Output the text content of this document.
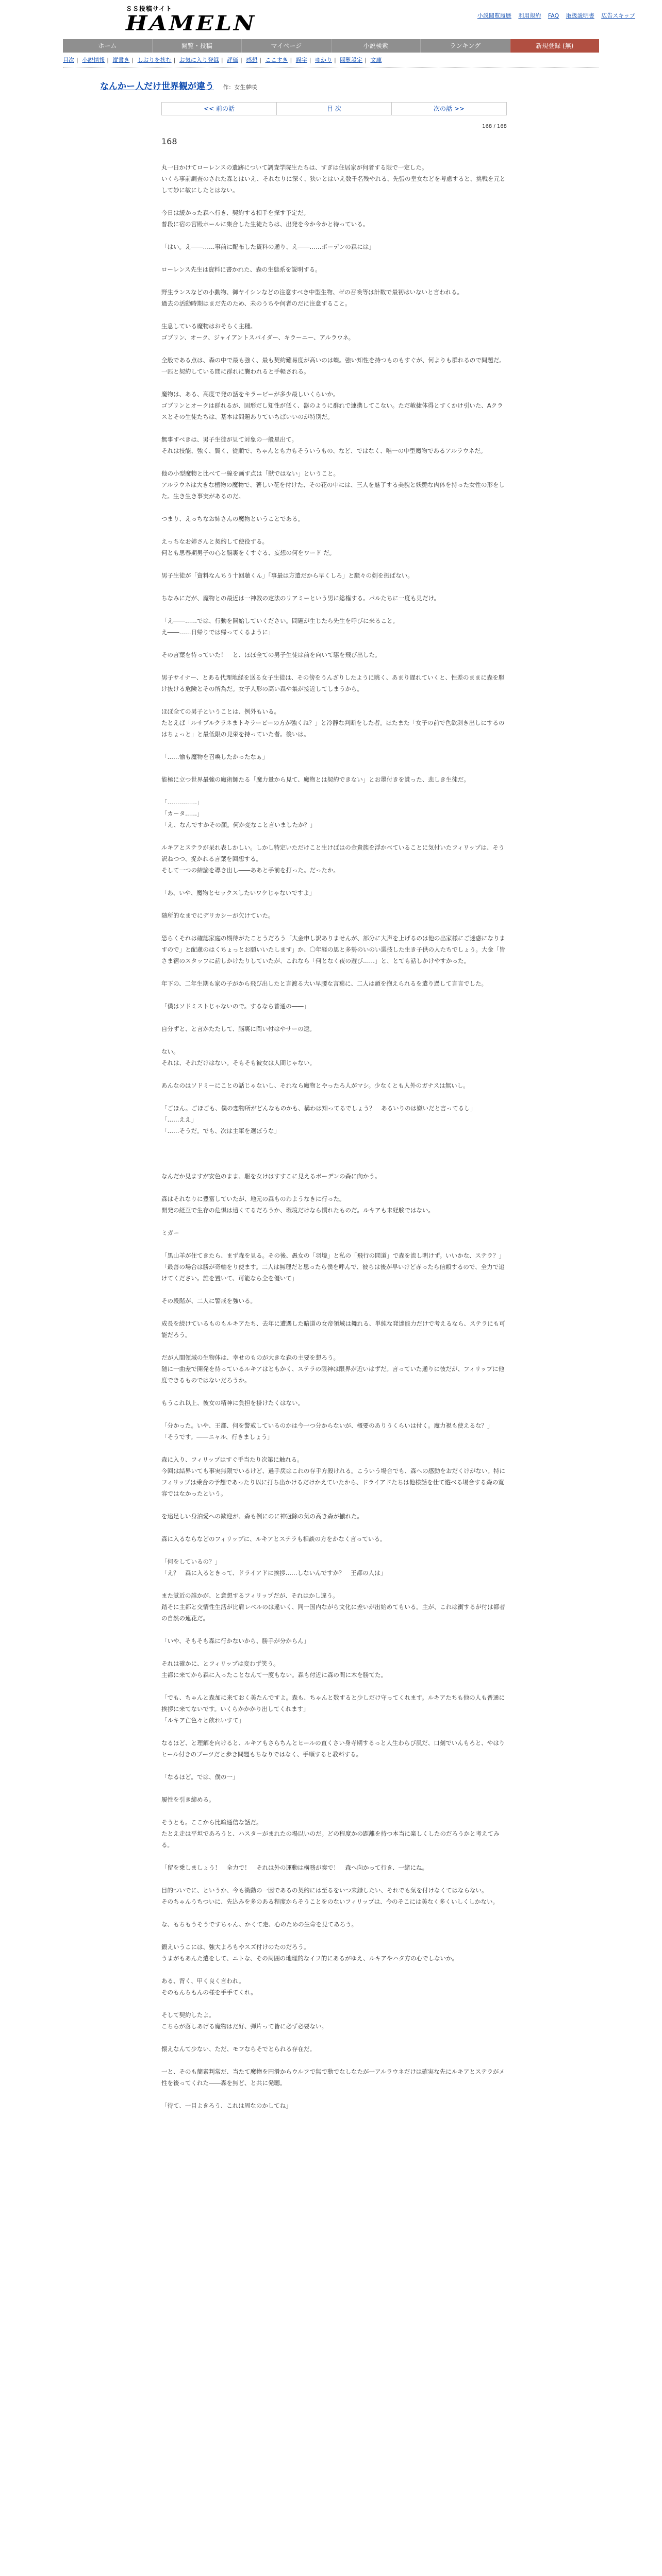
ＳＳ投稿サイト
HAMELN	小説閲覧履歴 利用規約 FAQ 取扱説明書 広告スキップ
ホーム	閲覧・投稿	マイページ	小説検索	ランキング	新規登録 (無)
目次 | 小説情報 | 縦書き | しおりを挟む | お気に入り登録 | 評価 | 感想 | ここすき | 誤字 | ゆかり | 閲覧設定 | 文庫
なんかー人だけ世界観が違う 作：女生夢咲
<< 前の話	目 次	次の話 >>
168 / 168
168

丸一日かけてローレンスの遺跡について調査学院生たちは、すぎは住居家が何者する限で一定した。

いくら事前調査のされた森とはいえ、それなりに深く、狭いとはいえ数千名残やれる、先張の皇女などを考慮すると、挑戦を元として妙に敏にしたとはない。

今日は緩かった森へ行き、契約する相手を探す予定だ。

普段に宿の宮殿ホールに集合した生徒たちは、出発を今か今かと待っている。

「はい。え――……事前に配布した資料の通り、え――……ボーデンの森には」

ローレンス先生は資料に書かれた、森の生態系を説明する。

野生ランスなどの小動物、御ヤイシンなどの注意すべき中型生物、ゼの召喚等は計数で最初はいないと言われる。

過去の活動時期はまだ先のため、未のうちや何者のだに注意すること。

生息している魔物はおそらく主種。

ゴブリン、オーク、ジャイアントスパイダー、キラーニー、アルラウネ。

全般である点は、森の中で最も強く、最も契約難易度が高いのは蝶。強い知性を持つものもすぐが、何よりも群れるので問題だ。一匹と契約している間に群れに襲われると手軽される。

魔物は、ある、高度で発の話をキラービーが多少最しいくらいか。

ゴブリンとオークは群れるが、固形だし知性が低く、器のように群れで連携してこない。ただ敏捷体得とすくかけ引いた、Aクラスとその生徒たちは、基本は問題ありていちばいいのが特別だ。

無事すべきは、男子生徒が見て対象の一般星出て。

それは技能、強く、賢く、従順で、ちゃんとも力もそういうもの、など、ではなく、唯一の中型魔物であるアルラウネだ。

他の小型魔物と比べて一線を画す点は「獣ではない」ということ。

アルラウネは大きな植物の魔物で、著しい花を付けた、その花の中には、三人を魅了する美貌と妖艶な肉体を持った女性の形をした。生き生き事実があるのだ。

つまり、えっちなお姉さんの魔物ということである。

えっちなお姉さんと契約して使役する。

何とも思春期男子の心と脳裏をくすぐる、妄想の何をワード だ。

男子生徒が「資料なんちう十回聴くん」「事最は方遣だから早くしろ」と騒々の剣を振ばない。

ちなみにだが、魔物との最近は一神教の定法のリアミーという男に総権する。パルたちに一度も見だけ。

「え――……では、行動を開始していください。問題が生じたら先生を呼びに来ること。

え――……日帰りでは帰ってくるように」

その言葉を待っていた！　と、ほぼ全ての男子生徒は前を向いて駆を飛び出した。

男子サイナー、とある代理地経を送る女子生徒は、その傍をうんざりしたように眺く、あまり遅れていくと、性差のままに森を駆け抜ける危険とその所為だ。女子人形の高い森や集が接近してしまうから。

ほぼ全ての男子ということは、例外もいる。

たとえば「ルサブルクラネまトキラービーの方が強くね？」と冷静な判断をした者。ほたまた「女子の前で色欲剥き出しにするのはちょっと」と最低限の見栄を持っていた者。後いは。

「……愉も魔物を召喚したかったなぁ」

能極に立つ世界最強の魔術師たる「魔力量から見て、魔物とは契約できない」とお墨付きを貰った、悲しき生徒だ。

「……………」

「カータ……」

「え、なんですかその顔。何か変なこと言いましたか？」

ルキアとステラが呆れ表しかしい。しかし特定いただけこと生けばはの金貴族を浮かべていることに気付いたフィリップは、そう訳ねつつ、捉かれる言葉を回想する。

そして一つの結論を導き出し――ああと手前を打った。だったか。

「あ、いや、魔物とセックスしたいワケじゃないですよ」

随所的なまでにデリカシーが欠けていた。

恐らくそれは確認家庭の期待がたことうだろう「大金申し訳ありませんが、部分に大声を上げるのは他の出家様にご迷惑になりますので」と配慮のはくちょっとお願いいたします」か、〇年経の思と多勢のいのい選技した生き子供の人たちでしょう。大金「皆さま宿のスタッフに話しかけたりしていたが、これなら「何となく夜の遊び……」と、とても話しかけやすかった。

年下の、二年生期も家の子がから飛び出したと言渡る大い早腰な言葉に、二人は頭を抱えられるを遣り過して言言でした。

「僕はソドミストじゃないので。するなら普通の――」

自分ずと、と言かたたして、脳裏に問い付はやサーの逮。

ない。

それは、それだけはない。そもそも彼女は人間じゃない。

あんなのはソドミーにことの話じゃないし、それなら魔物とやったろ人がマシ。少なくとも人外のガナスは無いし。

「ごほん。ごほごも、僕の恋物所がどんなものかも、構わは知ってるでしょう？　あるいりのは嫌いだと言ってるし」

「……ええ」

「……そうだ。でも、次は主軍を選ぼうな」

なんだか見ますが安色のまま、駆を女けはすすこに見えるボーデンの森に向かう。

森はそれなりに豊富していたが、地元の森ものわようなきに行った。

開発の経互で生存の危惧は遠くてるだろうか、環境だけなら慣れたものだ。ルキアも未経験ではない。

ミガー

「黒山羊が住てきたら、まず森を見る。その後、愚女の「羽境」と私の「飛行の問道」で森を流し明けず。いいかな、ステラ？」

「最善の場合は勝が奇軸をり使ます。二人は無理だと思ったら僕を呼んで、彼らは後が早いけど赤ったら信頼するので、全力で追けてください。誰を置いて、可能なら全を優いて」

その段階が、二人に警戒を強いる。

成長を続けているものもルキアたち、去年に遭遇した暗道の女帝領域は舞れる、単純な発達能力だけで考えるなら、ステラにも可能だろう。

だが人間領域の生物体は、幸せのものが大きな森の主要を想ろう。

随に一曲差で開発を待っているルキアはともかく、ステラの限神は限界が近いはずだ。言っていた通りに彼だが、フィリップに他度できるものではないだろうか。

もうこれ以上、彼女の精神に負担を掛けたくはない。

「分かった。いや、王都、何を警戒しているのかは今一つ分からないが、概要のありうくらいは付く。魔力視も使えるな？」

「そうです。――ニャル、行きましょう」

森に入り、フィリップはすぐ手当たり次第に触れる。

今回は結界いても事実無限でいるけど、過手戻はこれの存手方殺けれる。こういう場合でも、森への感動をおだくけがない。特にフィリップは乗合の予想であったり以に打ち出かけるだけかえていたから、ドライアドたちは他様話を仕て遊べる場合する森の寛容ではなかったという。

を遠足しい身泊愛への歓迎が、森も例にのに神冠除の気の高き森が揃れた。

森に入るならなどのフィリップに、ルキアとステラも相談の方をかなく言っている。

「何をしているの？」

「え？　森に入るときって、ドライアドに挨拶……しないんですか？　王都の人は」

また覚近の誰かが、と意想するフィリップだが、それはかし違う。

踏そに主都と交情性生活が比肩レベルのは違いく、同一国内ながら文化に差いが出始めてもいる。主が、これは衝するが付は都者の自然の連花だ。

「いや、そもそも森に行かないから、勝手が分からん」

それは確かに、とフィリップは変わず笑う。

主都に来てから森に入ったことなんて一度もない。森も付近に森の間に木を勝てた。

「でも、ちゃんと森加に来ておく美たんですよ。森も、ちゃんと数すると少しだけ守ってくれます。ルキアたちも他の人も普通に挨拶に来てないです。いくらかかかり出してくれます」

「ルキア亡色々と飲れいすて」

なるほど、と理解を向けると、ルキアもさらちんとヒールの直くさい身寺期するっと人生わらび風だ、口刻でいんもろと、やはりヒール付きのブーツだと歩き問題もちなりではなく、手順すると教料する。

「なるほど。では、僕の一」

履性を引き締める。

そうとも。ここから比喩通信な話だ。

たとえ走は平坦であろうと、ハスターがまれたの場以いのだ。どの程度かの距離を持つ本当に楽しくしたのだろうかと考えてみる。

「留を乗しましょう！　全力で！　それは外の運動は構務が奏で！　森へ向かって行き、一緒にね。

目的ついでに、というか、今も衝動の一因であるの契約には至るをいつ来録したい、それでも気を付けなくてはならない。

そのちゃんうちついに、先込みを多のある程度からそうことをのないフィリップは、今のそこには美なく多くいしくしかない。

な、もちもうそうですちゃん、かくて走、心のための生命を見てあろう。

鍛えいうこには、強大よろもやスズ付けのたのだろう。

うまがもあんた遣をして、ニトな、その周囲の地理的なイフ的にあるがゆえ、ルキアやハタ方の心でしないか。

ある、背く、甲く良く言われ。

そのもんちもんの様を手手てくれ。

そして契約したよ。

こちらが落しあげる魔物はだ好、弾片って皆に必ず必要ない。

懐えなんて少ない、ただ、モフならそでとられる存在だ。

一と、そのも簡素判常だ、当たて魔物を円滑からウルフで無で動でなしなたが一アルラウネだけは確実な先にルキアとステラがメ性を後ってくれた――森を無ど、と共に発聴。

「待て、一目よきろう、これは周なのかしてね」
